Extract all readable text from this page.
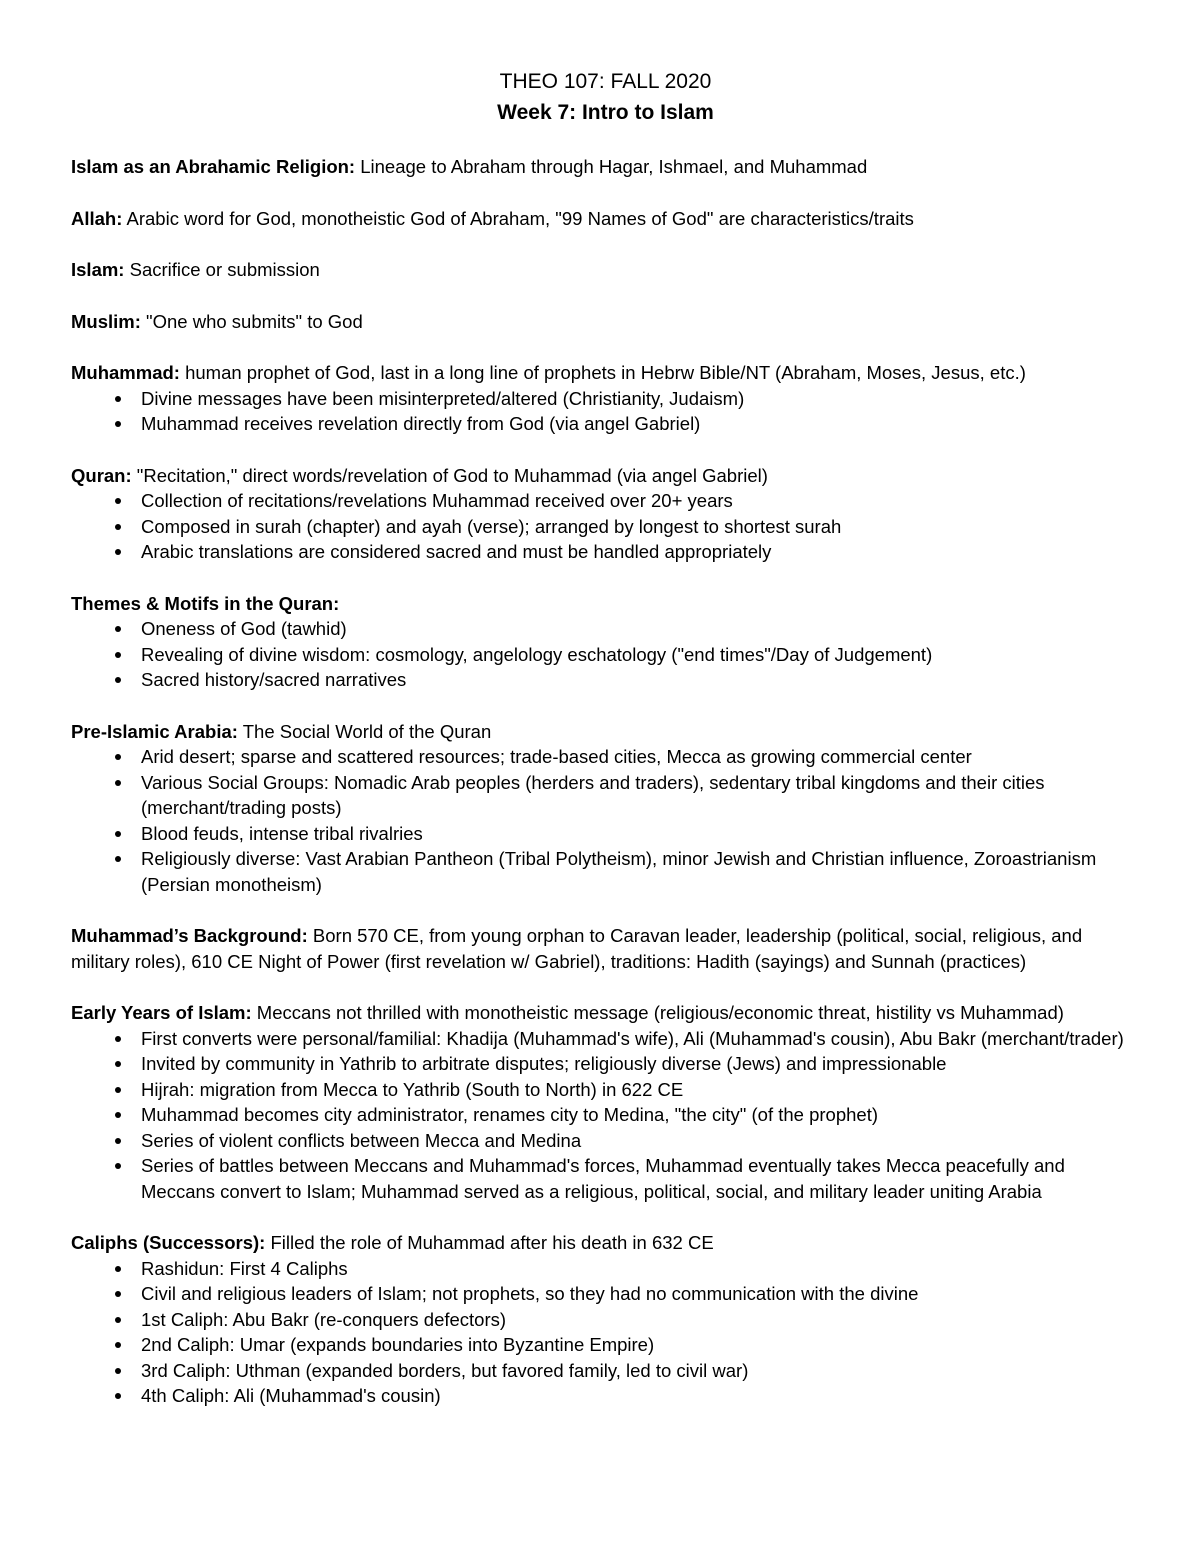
THEO 107: FALL 2020

Week 7: Intro to Islam

Islam as an Abrahamic Religion: Lineage to Abraham through Hagar, Ishmael, and Muhammad

Allah: Arabic word for God, monotheistic God of Abraham, "99 Names of God" are characteristics/traits

Islam: Sacrifice or submission

Muslim: "One who submits" to God

Muhammad: human prophet of God, last in a long line of prophets in Hebrw Bible/NT (Abraham, Moses, Jesus, etc.)

Divine messages have been misinterpreted/altered (Christianity, Judaism)
Muhammad receives revelation directly from God (via angel Gabriel)

Quran: "Recitation," direct words/revelation of God to Muhammad (via angel Gabriel)

Collection of recitations/revelations Muhammad received over 20+ years
Composed in surah (chapter) and ayah (verse); arranged by longest to shortest surah
Arabic translations are considered sacred and must be handled appropriately

Themes & Motifs in the Quran:

Oneness of God (tawhid)
Revealing of divine wisdom: cosmology, angelology eschatology ("end times"/Day of Judgement)
Sacred history/sacred narratives

Pre-Islamic Arabia: The Social World of the Quran

Arid desert; sparse and scattered resources; trade-based cities, Mecca as growing commercial center
Various Social Groups: Nomadic Arab peoples (herders and traders), sedentary tribal kingdoms and their cities (merchant/trading posts)
Blood feuds, intense tribal rivalries
Religiously diverse: Vast Arabian Pantheon (Tribal Polytheism), minor Jewish and Christian influence, Zoroastrianism (Persian monotheism)

Muhammad’s Background: Born 570 CE, from young orphan to Caravan leader, leadership (political, social, religious, and military roles), 610 CE Night of Power (first revelation w/ Gabriel), traditions: Hadith (sayings) and Sunnah (practices)

Early Years of Islam: Meccans not thrilled with monotheistic message (religious/economic threat, histility vs Muhammad)

First converts were personal/familial: Khadija (Muhammad's wife), Ali (Muhammad's cousin), Abu Bakr (merchant/trader)
Invited by community in Yathrib to arbitrate disputes; religiously diverse (Jews) and impressionable
Hijrah: migration from Mecca to Yathrib (South to North) in 622 CE
Muhammad becomes city administrator, renames city to Medina, "the city" (of the prophet)
Series of violent conflicts between Mecca and Medina
Series of battles between Meccans and Muhammad's forces, Muhammad eventually takes Mecca peacefully and Meccans convert to Islam; Muhammad served as a religious, political, social, and military leader uniting Arabia

Caliphs (Successors): Filled the role of Muhammad after his death in 632 CE

Rashidun: First 4 Caliphs
Civil and religious leaders of Islam; not prophets, so they had no communication with the divine
1st Caliph: Abu Bakr (re-conquers defectors)
2nd Caliph: Umar (expands boundaries into Byzantine Empire)
3rd Caliph: Uthman (expanded borders, but favored family, led to civil war)
4th Caliph: Ali (Muhammad's cousin)
